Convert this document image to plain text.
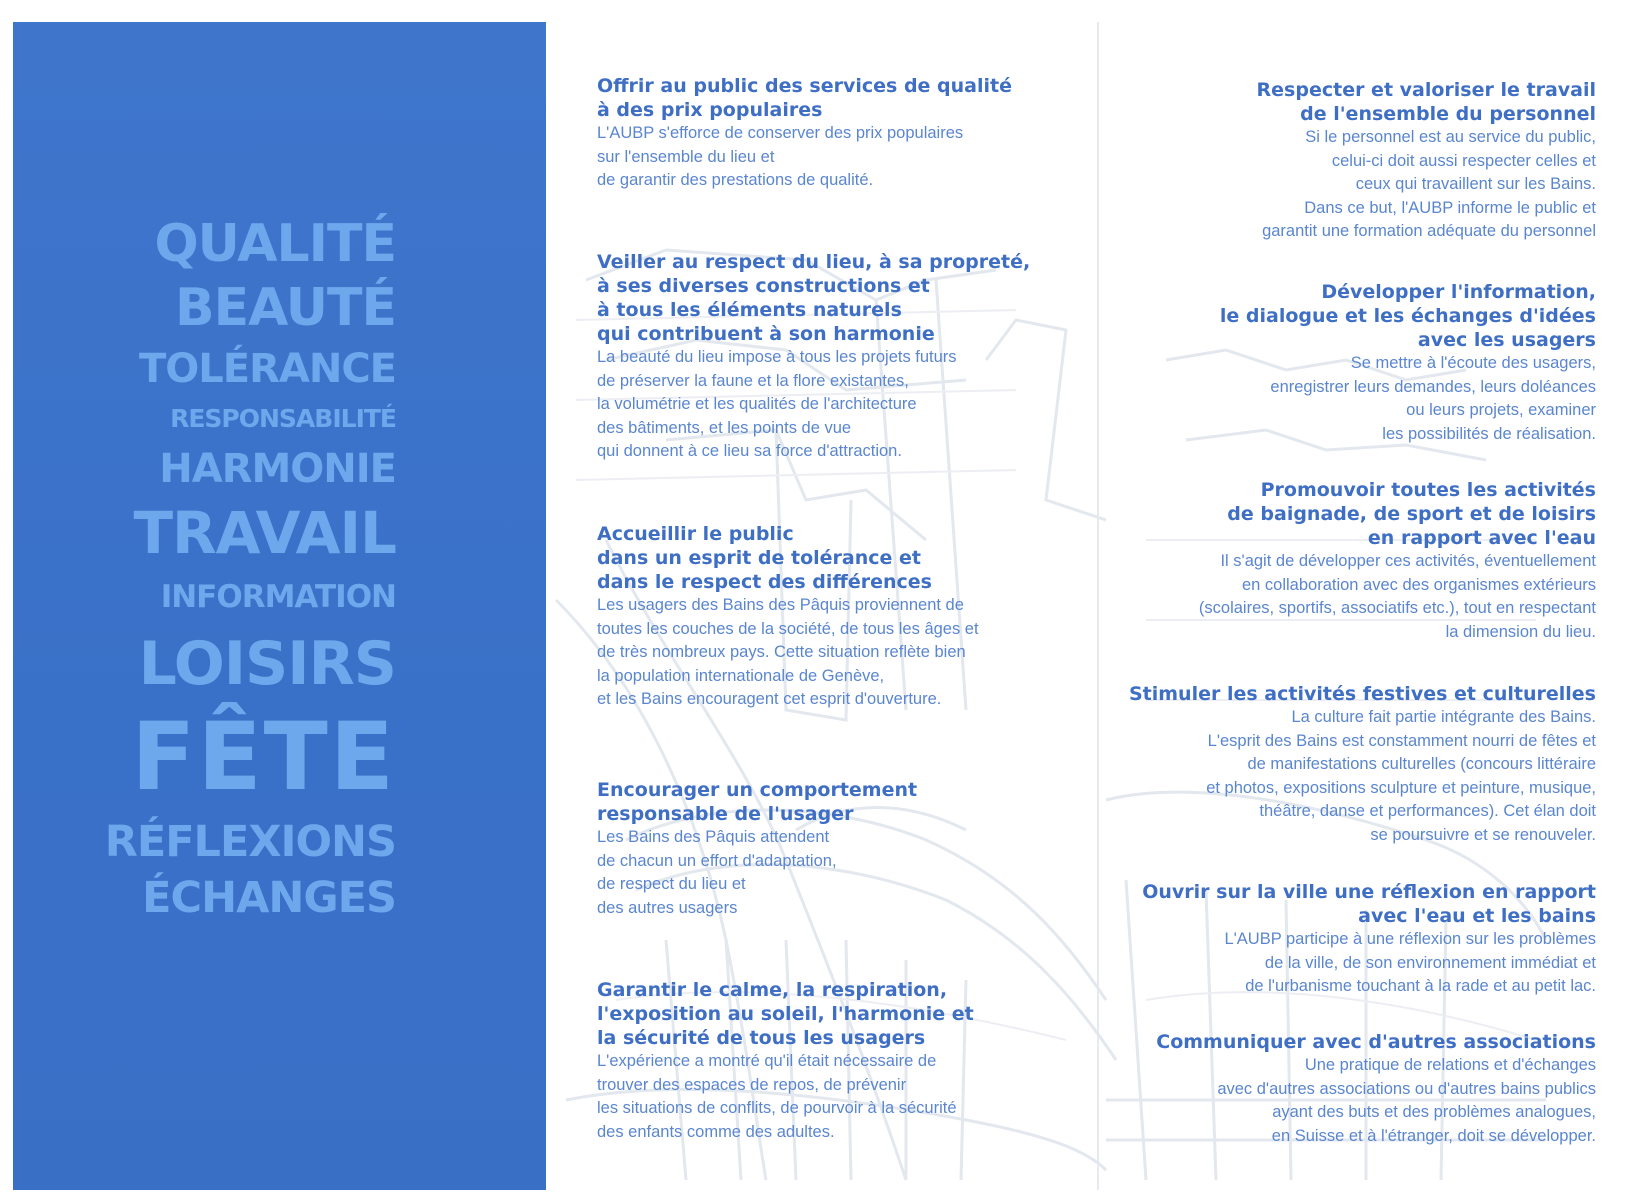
QUALITÉ
BEAUTÉ
TOLÉRANCE
RESPONSABILITÉ
HARMONIE
TRAVAIL
INFORMATION
LOISIRS
FÊTE
RÉFLEXIONS
ÉCHANGES

Offrir au public des services de qualité
à des prix populaires

L'AUBP s'efforce de conserver des prix populaires
sur l'ensemble du lieu et
de garantir des prestations de qualité.

Veiller au respect du lieu, à sa propreté,
à ses diverses constructions et
à tous les éléments naturels
qui contribuent à son harmonie

La beauté du lieu impose à tous les projets futurs
de préserver la faune et la flore existantes,
la volumétrie et les qualités de l'architecture
des bâtiments, et les points de vue
qui donnent à ce lieu sa force d'attraction.

Accueillir le public
dans un esprit de tolérance et
dans le respect des différences

Les usagers des Bains des Pâquis proviennent de
toutes les couches de la société, de tous les âges et
de très nombreux pays. Cette situation reflète bien
la population internationale de Genève,
et les Bains encouragent cet esprit d'ouverture.

Encourager un comportement
responsable de l'usager

Les Bains des Pâquis attendent
de chacun un effort d'adaptation,
de respect du lieu et
des autres usagers

Garantir le calme, la respiration,
l'exposition au soleil, l'harmonie et
la sécurité de tous les usagers

L'expérience a montré qu'il était nécessaire de
trouver des espaces de repos, de prévenir
les situations de conflits, de pourvoir à la sécurité
des enfants comme des adultes.

Respecter et valoriser le travail
de l'ensemble du personnel

Si le personnel est au service du public,
celui-ci doit aussi respecter celles et
ceux qui travaillent sur les Bains.
Dans ce but, l'AUBP informe le public et
garantit une formation adéquate du personnel

Développer l'information,
le dialogue et les échanges d'idées
avec les usagers

Se mettre à l'écoute des usagers,
enregistrer leurs demandes, leurs doléances
ou leurs projets, examiner
les possibilités de réalisation.

Promouvoir toutes les activités
de baignade, de sport et de loisirs
en rapport avec l'eau

Il s'agit de développer ces activités, éventuellement
en collaboration avec des organismes extérieurs
(scolaires, sportifs, associatifs etc.), tout en respectant
la dimension du lieu.

Stimuler les activités festives et culturelles

La culture fait partie intégrante des Bains.
L'esprit des Bains est constamment nourri de fêtes et
de manifestations culturelles (concours littéraire
et photos, expositions sculpture et peinture, musique,
théâtre, danse et performances). Cet élan doit
se poursuivre et se renouveler.

Ouvrir sur la ville une réflexion en rapport
avec l'eau et les bains

L'AUBP participe à une réflexion sur les problèmes
de la ville, de son environnement immédiat et
de l'urbanisme touchant à la rade et au petit lac.

Communiquer avec d'autres associations

Une pratique de relations et d'échanges
avec d'autres associations ou d'autres bains publics
ayant des buts et des problèmes analogues,
en Suisse et à l'étranger, doit se développer.
